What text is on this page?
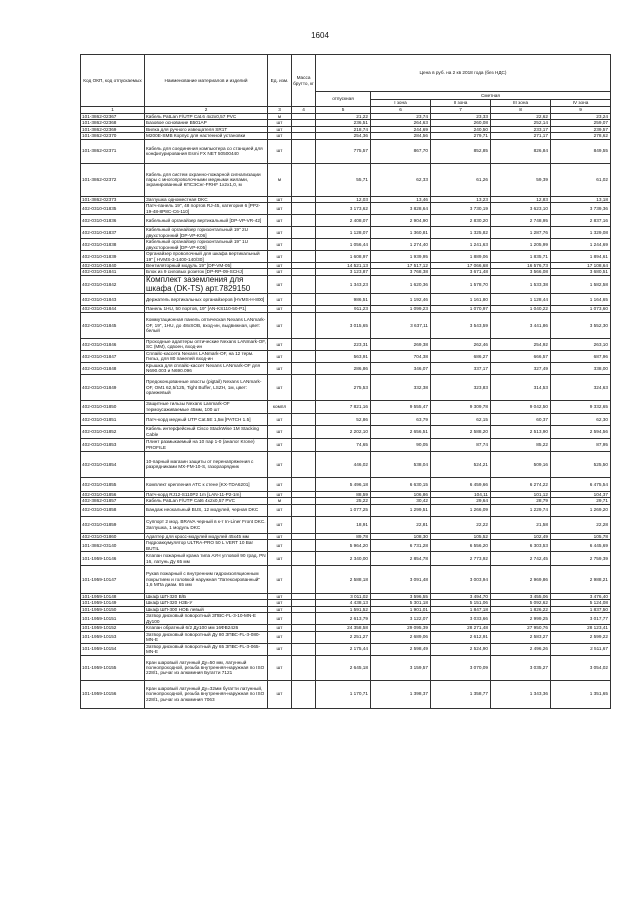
1604
Код ОКП, код отпускаемых	Наименование материалов и изделий	Ед. изм.	Масса брутто, кг	Цена в руб. на 2 кв 2018 года (без НДС)				
				отпускная	Сметная			
					I зона	II зона	III зона	IV зона
1	2	3	4	5	6	7	8	9
101-3862-02367	Кабель PatLan F/UTP Cat.6 4x2x0,57 PVC	м		21,22	23,74	23,33	22,62	23,24
101-3862-02368	Базовое основание B501AP	шт		236,51	264,63	260,08	252,14	259,07
101-3862-02369	Вилка для ручного извещателя SR1T	шт		218,74	244,69	240,50	233,17	239,57
101-3862-02370	M200E-SMB Корпус для настенной установки	шт		254,36	284,56	279,71	271,17	278,62
101-3862-02371	Кабель для соединения компьютера со станцией для конфигурирования Esmi FX NET 50500440	шт		775,57	867,70	852,85	826,84	849,55
101-3862-02372	Кабель для систем охранно-пожарной сигнализации пары с многопроволочными медными жилами, экранированный КПСЭСнг-FRHF 1x2x1,0, м	м		55,71	62,33	61,26	59,39	61,02
101-3862-02373	Заглушка одноместная DKC	шт		12,03	13,46	13,23	12,83	13,18
402-0310-01835	Патч-панель 19", 48 портов RJ-45, категория 6 [PP2-19-48-8P8C-C6-110]	шт		3 173,62	3 828,64	3 730,19	3 623,10	3 739,36
402-0310-01836	Кабельный органайзер вертикальный [DP-VP-VR-42]	шт		2 408,07	2 904,90	2 830,20	2 748,95	2 837,16
402-0310-01837	Кабельный органайзер горизонтальный 19" 2U двухсторонний [DP-VP-K06]	шт		1 128,07	1 360,81	1 325,82	1 287,76	1 329,08
402-0310-01838	Кабельный органайзер горизонтальный 19" 1U двухсторонний [DP-VP-K05]	шт		1 056,44	1 274,40	1 241,63	1 205,99	1 244,69
402-0310-01839	Органайзер проволочный для шкафа вертикальный 19" [ HVMS-3-1400-140/30]	шт		1 608,97	1 939,95	1 889,06	1 835,71	1 894,61
402-0310-01840	Вентиляторный модуль 19" [DP-VM-05]	шт		14 521,13	17 517,12	17 066,68	16 576,73	17 108,64
402-0310-01841	Блок из 9 силовых розеток [DP-RP-09-SCHJ]	шт		3 123,87	3 768,38	3 671,48	3 566,08	3 680,51
402-0310-01842	Комплект заземления для шкафа (DK-TS) арт.7829150	шт		1 343,23	1 620,36	1 578,70	1 533,38	1 582,58
402-0310-01843	Держатель вертикальных органайзеров [HVMS-H-800]	шт		986,51	1 192,46	1 161,80	1 128,44	1 164,65
402-0310-01844	Панель 1HU, 50 портов, 19" [AN-KS110-50-P1]	шт		911,23	1 099,23	1 070,97	1 040,22	1 073,60
402-0310-01845	Коммутационная панель оптическая Nexans LANmark-OF, 19", 1HU, до 48xSOB, вход-ин, выдвижная, цвет: белый	шт		3 015,65	3 637,11	3 543,59	3 441,86	3 552,30
402-0310-01846	Проходные адаптеры оптические Nexans LANmark-OF, SC (MM), сдвоен, вход-ин	шт		223,31	269,38	262,46	254,92	263,10
402-0310-01847	Сплайс-кассета Nexans LANmark-OF, на 12 терм. Гильз, для 80 панелей вход-ин	шт		563,91	704,38	686,27	666,57	687,96
402-0310-01848	Крышка для сплайс-кассет Nexans LANmark-OF для N690.003 и N690.096	шт		286,86	346,07	337,17	327,49	338,00
402-0310-01849	Предоконцованные хвосты (pigtail) Nexans LANmark-OF, OM1 62,5/125, Tight Buffer, LSZH, 1м, цвет: оранжевый	шт		275,53	332,38	323,83	314,53	324,63
402-0310-01850	Защитные гильзы Nexans Lanmark-OF термоусаживаемые 45мм, 100 шт	компл		7 821,16	9 555,47	9 309,78	9 042,50	9 332,65
402-0310-01851	Патч-корд медный UTP Cat.5E 1,5м [PATCH 1.5]	шт		52,86	63,79	62,15	60,37	62,30
402-0310-01852	Кабель интерфейсный Cisco StackWise 1M Stacking Cable	шт		2 202,10	2 656,51	2 588,20	2 513,90	2 594,56
402-0310-01853	Плинт размыкаемый на 10 пар 1-0 (аналог Krone) PROFILE	шт		74,65	90,05	87,74	85,22	87,95
402-0310-01854	10-парный магазин защиты от перенапряжения с разрядниками MX-FM-10-S, газоразрядник	шт		446,02	538,04	524,21	509,16	525,50
402-0310-01855	Комплект крепления АТС к стене [KX-TDA6201]	шт		5 496,18	6 630,15	6 459,66	6 274,22	6 475,54
402-0310-01856	Патч-корд RJ12-S110P2 1m [LAN-11-P2-1m]	шт		88,59	106,86	104,11	101,12	104,37
402-3862-01857	Кабель PatLan F/UTP Cat6 4x2x0,57 PVC	м		25,22	30,42	29,64	28,79	29,71
402-0310-01858	Бандаж неокальный BUS, 12 модулей, черная DKC	шт		1 077,25	1 299,51	1 266,09	1 229,74	1 269,20
402-0310-01859	Суппорт 2 мод. BRAVA черный в к-т In-Liner Front DKC. Заглушка, 1 модуль DKC	шт		18,91	22,81	22,22	21,58	22,28
402-0310-01860	Адаптер для кросс-модулей модулей 45x45 мм	шт		89,78	108,30	105,52	102,49	105,78
101-3862-03140	Гидроаккумулятор ULTRA-PRO 50 L VERT 10 Bar BUTIL	шт		5 964,20	6 731,28	6 556,20	6 303,53	6 445,69
101-1959-10146	Клапан пожарный крана типа АУН угловой 90 град. PN 16, латунь Ду 65 мм	шт		2 340,00	2 854,78	2 773,92	2 742,45	2 759,39
101-1959-10147	Рукав пожарный с внутренним гидроизоляционным покрытием и головкой наружная "Латексированный" 1,6 МПа диам. 65 мм	шт		2 588,18	3 091,48	3 003,94	2 969,86	2 988,21
101-1959-10148	Шкаф ШП-320 В/Б	шт		3 011,02	3 596,55	3 494,70	3 455,06	3 476,40
101-1959-10149	Шкаф ШП-320 НЗБ-У	шт		4 438,13	5 301,18	5 151,06	5 092,62	5 124,08
101-1959-10150	Шкаф ШП-300 НОБ левый	шт		1 591,52	1 901,01	1 847,18	1 826,22	1 837,50
101-1959-10151	Затвор дисковый поворотный ЗПВС-FL-3-10-MN-E Ду100	шт		2 613,79	3 122,07	3 033,66	2 999,25	3 017,77
101-1959-10152	Клапан обратный 6/2 Ду100 мм 16ФВ2426	шт		24 358,58	29 095,39	28 271,48	27 950,76	28 123,41
101-1959-10153	Затвор дисковый поворотный Ду 80 ЗПВС-FL-3-080-MN-E	шт		2 251,27	2 689,06	2 612,91	2 583,27	2 599,22
101-1959-10154	Затвор дисковый поворотный Ду 65 ЗПВС-FL-3-065-MN-E	шт		2 175,44	2 598,49	2 524,90	2 496,26	2 511,67
101-1959-10155	Кран шаровый латунный Ду=50 мм, латунный полнопроходной, резьба внутренняя-наружная по ISO 228/1, рычаг из алюминия Бугатти 7121	шт		2 645,18	3 159,57	3 070,09	3 035,27	3 054,02
101-1959-10156	Кран шаровый латунный Ду=32мм бугатти латунный, полнопроходной, резьба внутренняя-наружная по ISO 228/1, рычаг из алюминия 7063	шт		1 170,71	1 398,37	1 358,77	1 343,36	1 351,65
